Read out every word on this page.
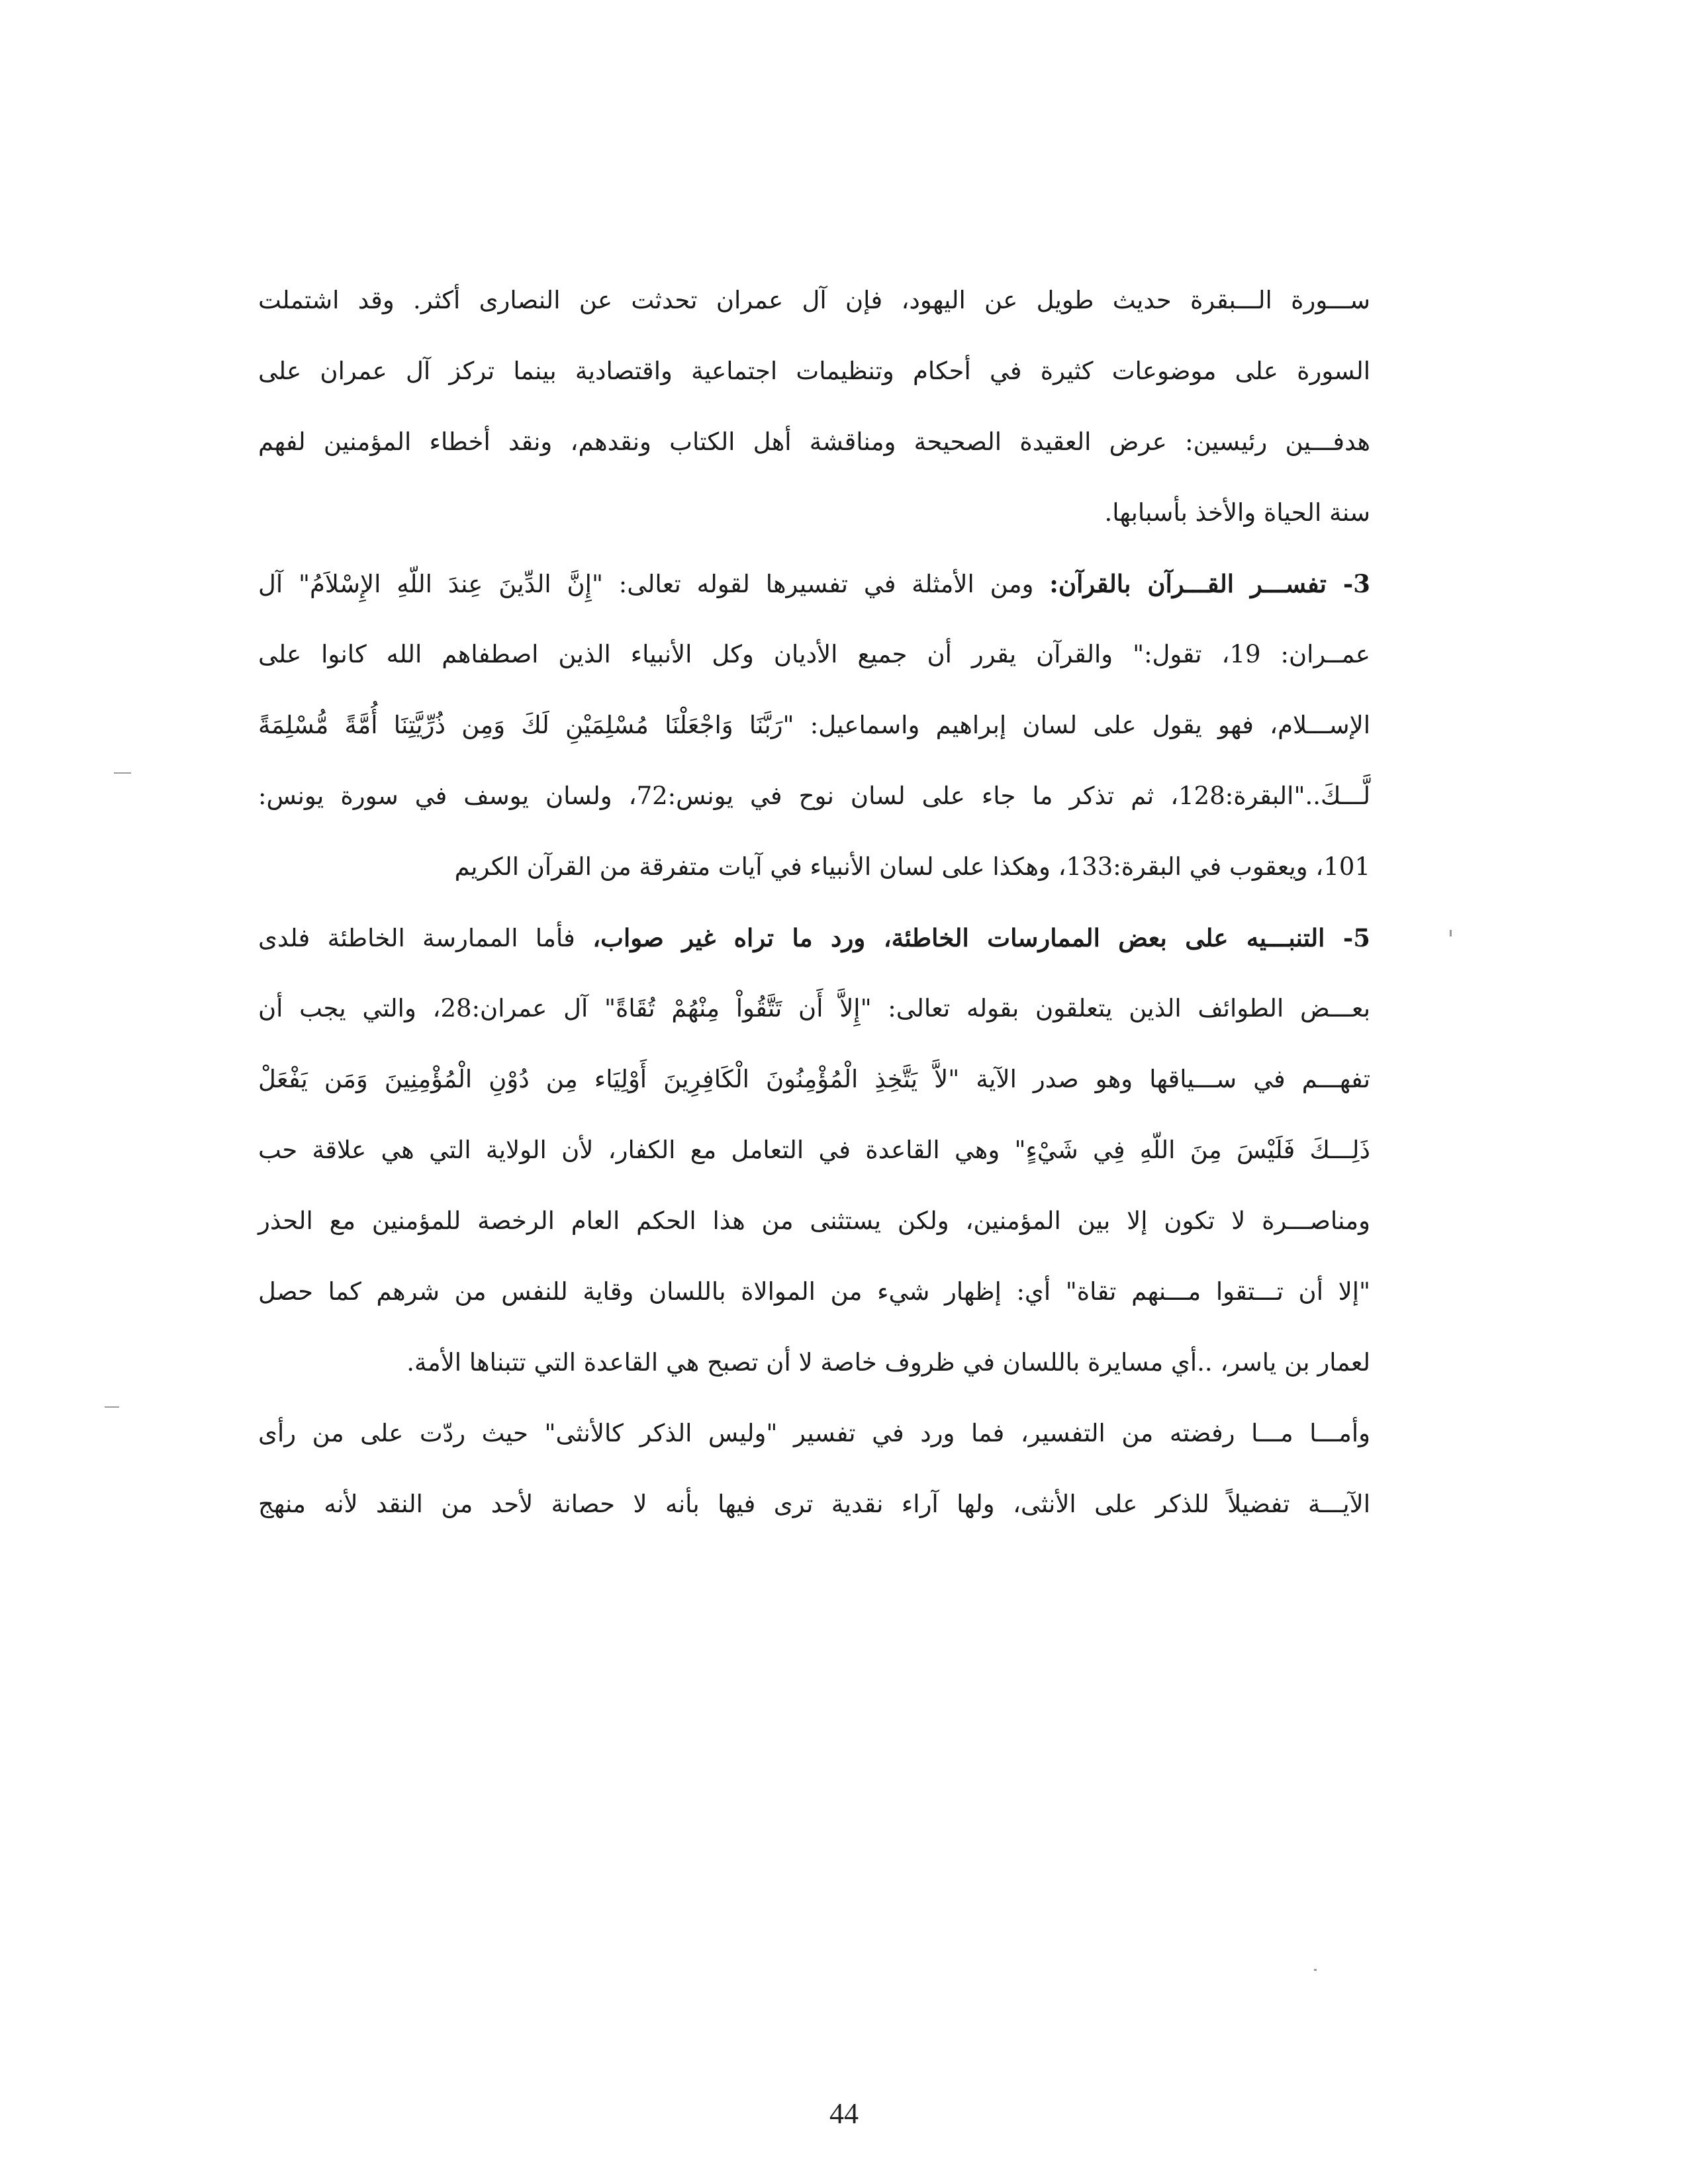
ســـورة الـــبقرة حديث طويل عن اليهود، فإن آل عمران تحدثت عن النصارى أكثر. وقد اشتملت
السورة على موضوعات كثيرة في أحكام وتنظيمات اجتماعية واقتصادية بينما تركز آل عمران على
هدفـــين رئيسين: عرض العقيدة الصحيحة ومناقشة أهل الكتاب ونقدهم، ونقد أخطاء المؤمنين لفهم
سنة الحياة والأخذ بأسبابها.
3- تفســـر القـــرآن بالقرآن: ومن الأمثلة في تفسيرها لقوله تعالى: "إِنَّ الدِّينَ عِندَ اللّهِ الإِسْلاَمُ" آل
عمــران: 19، تقول:" والقرآن يقرر أن جميع الأديان وكل الأنبياء الذين اصطفاهم الله كانوا على
الإســـلام، فهو يقول على لسان إبراهيم واسماعيل: "رَبَّنَا وَاجْعَلْنَا مُسْلِمَيْنِ لَكَ وَمِن ذُرِّيَّتِنَا أُمَّةً مُّسْلِمَةً
لَّـــكَ.."البقرة:128، ثم تذكر ما جاء على لسان نوح في يونس:72، ولسان يوسف في سورة يونس:
101، ويعقوب في البقرة:133، وهكذا على لسان الأنبياء في آيات متفرقة من القرآن الكريم
5- التنبـــيه على بعض الممارسات الخاطئة، ورد ما تراه غير صواب، فأما الممارسة الخاطئة فلدى
بعـــض الطوائف الذين يتعلقون بقوله تعالى: "إِلاَّ أَن تَتَّقُواْ مِنْهُمْ تُقَاةً" آل عمران:28، والتي يجب أن
تفهـــم في ســـياقها وهو صدر الآية "لاَّ يَتَّخِذِ الْمُؤْمِنُونَ الْكَافِرِينَ أَوْلِيَاء مِن دُوْنِ الْمُؤْمِنِينَ وَمَن يَفْعَلْ
ذَلِـــكَ فَلَيْسَ مِنَ اللّهِ فِي شَيْءٍ" وهي القاعدة في التعامل مع الكفار، لأن الولاية التي هي علاقة حب
ومناصـــرة لا تكون إلا بين المؤمنين، ولكن يستثنى من هذا الحكم العام الرخصة للمؤمنين مع الحذر
"إلا أن تـــتقوا مـــنهم تقاة" أي: إظهار شيء من الموالاة باللسان وقاية للنفس من شرهم كما حصل
لعمار بن ياسر، ..أي مسايرة باللسان في ظروف خاصة لا أن تصبح هي القاعدة التي تتبناها الأمة.
وأمـــا مـــا رفضته من التفسير، فما ورد في تفسير "وليس الذكر كالأنثى" حيث ردّت على من رأى
الآيـــة تفضيلاً للذكر على الأنثى، ولها آراء نقدية ترى فيها بأنه لا حصانة لأحد من النقد لأنه منهج
44
